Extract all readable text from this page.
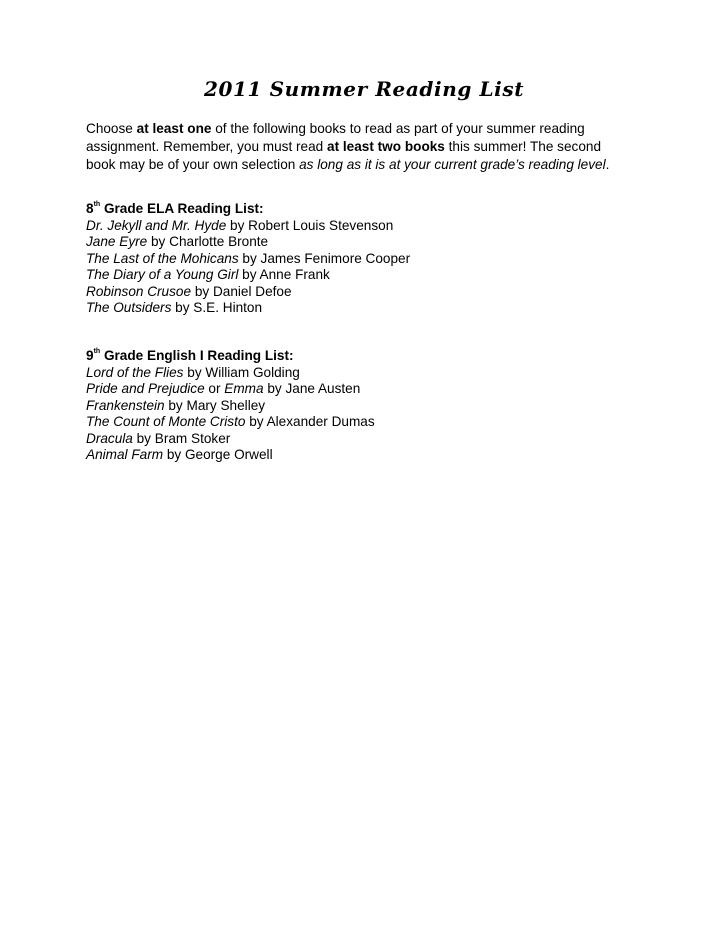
2011 Summer Reading List
Choose at least one of the following books to read as part of your summer reading
assignment. Remember, you must read at least two books this summer! The second
book may be of your own selection as long as it is at your current grade’s reading level.
8th Grade ELA Reading List:
Dr. Jekyll and Mr. Hyde by Robert Louis Stevenson
Jane Eyre by Charlotte Bronte
The Last of the Mohicans by James Fenimore Cooper
The Diary of a Young Girl by Anne Frank
Robinson Crusoe by Daniel Defoe
The Outsiders by S.E. Hinton
9th Grade English I Reading List:
Lord of the Flies by William Golding
Pride and Prejudice or Emma by Jane Austen
Frankenstein by Mary Shelley
The Count of Monte Cristo by Alexander Dumas
Dracula by Bram Stoker
Animal Farm by George Orwell
